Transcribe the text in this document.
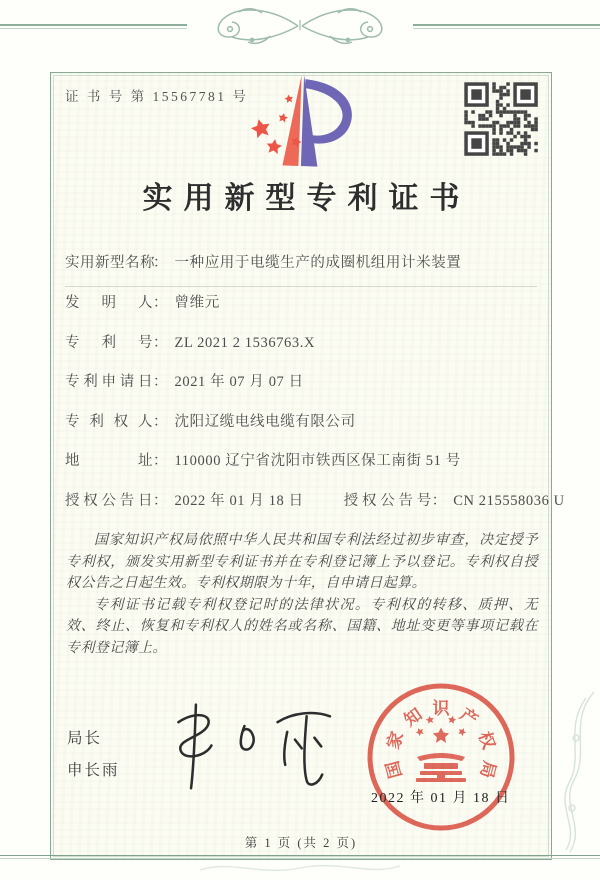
证 书 号 第 15567781 号
实用新型专利证书
实用新型名称
： 一种应用于电缆生产的成圈机组用计米装置
发明人 ： 曾维元
专利号 ： ZL 2021 2 1536763.X
专利申请日 ： 2021 年 07 月 07 日
专利权人 ： 沈阳辽缆电线电缆有限公司
地址 ： 110000 辽宁省沈阳市铁西区保工南街 51 号
授权公告日 ： 2022 年 01 月 18 日	授权公告号 ： CN 215558036 U

国家知识产权局依照中华人民共和国专利法经过初步审查，决定授予专利权，颁发实用新型专利证书并在专利登记簿上予以登记。专利权自授权公告之日起生效。专利权期限为十年，自申请日起算。

专利证书记载专利权登记时的法律状况。专利权的转移、质押、无效、终止、恢复和专利权人的姓名或名称、国籍、地址变更等事项记载在专利登记簿上。

局长
申长雨	国
家
知 识 产
权
局
2022 年 01 月 18 日
第 1 页 (共 2 页)
